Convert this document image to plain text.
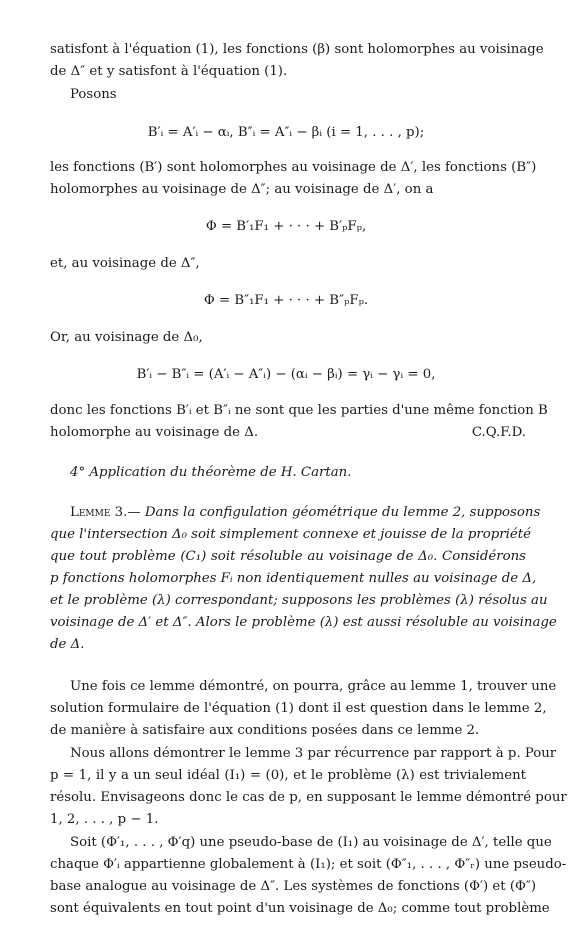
satisfont à l'équation (1), les fonctions (β) sont holomorphes au voisinage
de Δ″ et y satisfont à l'équation (1).
Posons
B′ᵢ = A′ᵢ − αᵢ, B″ᵢ = A″ᵢ − βᵢ (i = 1, . . . , p);
les fonctions (B′) sont holomorphes au voisinage de Δ′, les fonctions (B″)
holomorphes au voisinage de Δ″; au voisinage de Δ′, on a
Φ = B′₁F₁ + · · · + B′ₚFₚ,
et, au voisinage de Δ″,
Φ = B″₁F₁ + · · · + B″ₚFₚ.
Or, au voisinage de Δ₀,
B′ᵢ − B″ᵢ = (A′ᵢ − A″ᵢ) − (αᵢ − βᵢ) = γᵢ − γᵢ = 0,
donc les fonctions B′ᵢ et B″ᵢ ne sont que les parties d'une même fonction B
holomorphe au voisinage de Δ.	C.Q.F.D.
4° Application du théorème de H. Cartan.
Lemme 3.— Dans la configulation géométrique du lemme 2, supposons
que l'intersection Δ₀ soit simplement connexe et jouisse de la propriété
que tout problème (C₁) soit résoluble au voisinage de Δ₀. Considérons
p fonctions holomorphes Fᵢ non identiquement nulles au voisinage de Δ,
et le problème (λ) correspondant; supposons les problèmes (λ) résolus au
voisinage de Δ′ et Δ″. Alors le problème (λ) est aussi résoluble au voisinage
de Δ.
Une fois ce lemme démontré, on pourra, grâce au lemme 1, trouver une
solution formulaire de l'équation (1) dont il est question dans le lemme 2,
de manière à satisfaire aux conditions posées dans ce lemme 2.
Nous allons démontrer le lemme 3 par récurrence par rapport à p. Pour
p = 1, il y a un seul idéal (I₁) = (0), et le problème (λ) est trivialement
résolu. Envisageons donc le cas de p, en supposant le lemme démontré pour
1, 2, . . . , p − 1.
Soit (Φ′₁, . . . , Φ′q) une pseudo-base de (I₁) au voisinage de Δ′, telle que
chaque Φ′ᵢ appartienne globalement à (I₁); et soit (Φ″₁, . . . , Φ″ᵣ) une pseudo-
base analogue au voisinage de Δ″. Les systèmes de fonctions (Φ′) et (Φ″)
sont équivalents en tout point d'un voisinage de Δ₀; comme tout problème
